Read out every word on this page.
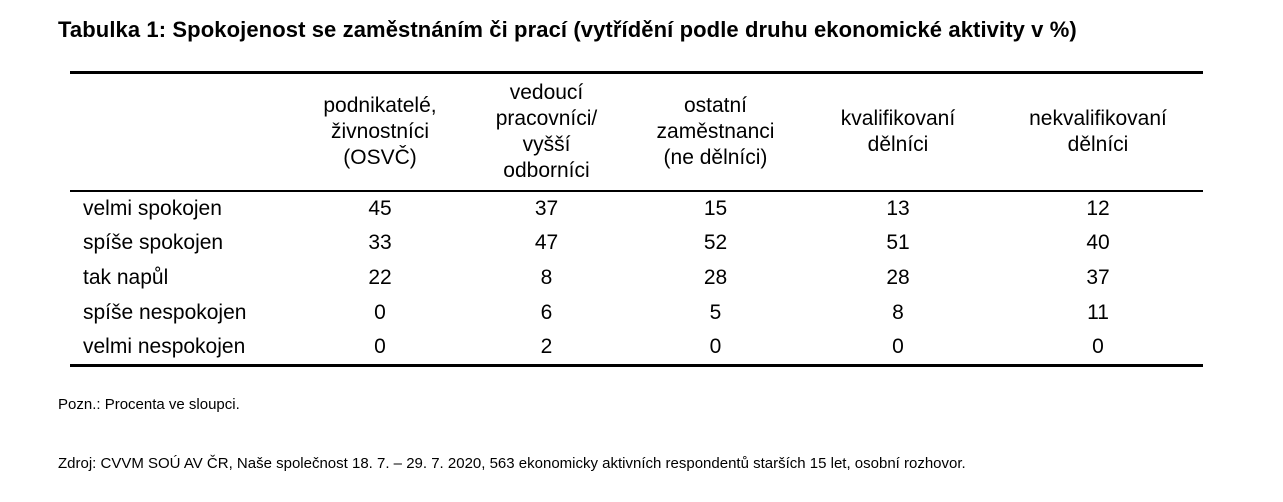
Tabulka 1: Spokojenost se zaměstnáním či prací (vytřídění podle druhu ekonomické aktivity v %)
	podnikatelé, živnostníci (OSVČ)	vedoucí pracovníci/ vyšší odborníci	ostatní zaměstnanci (ne dělníci)	kvalifikovaní dělníci	nekvalifikovaní dělníci
velmi spokojen	45	37	15	13	12
spíše spokojen	33	47	52	51	40
tak napůl	22	8	28	28	37
spíše nespokojen	0	6	5	8	11
velmi nespokojen	0	2	0	0	0
Pozn.: Procenta ve sloupci.
Zdroj: CVVM SOÚ AV ČR, Naše společnost 18. 7. – 29. 7. 2020, 563 ekonomicky aktivních respondentů starších 15 let, osobní rozhovor.
